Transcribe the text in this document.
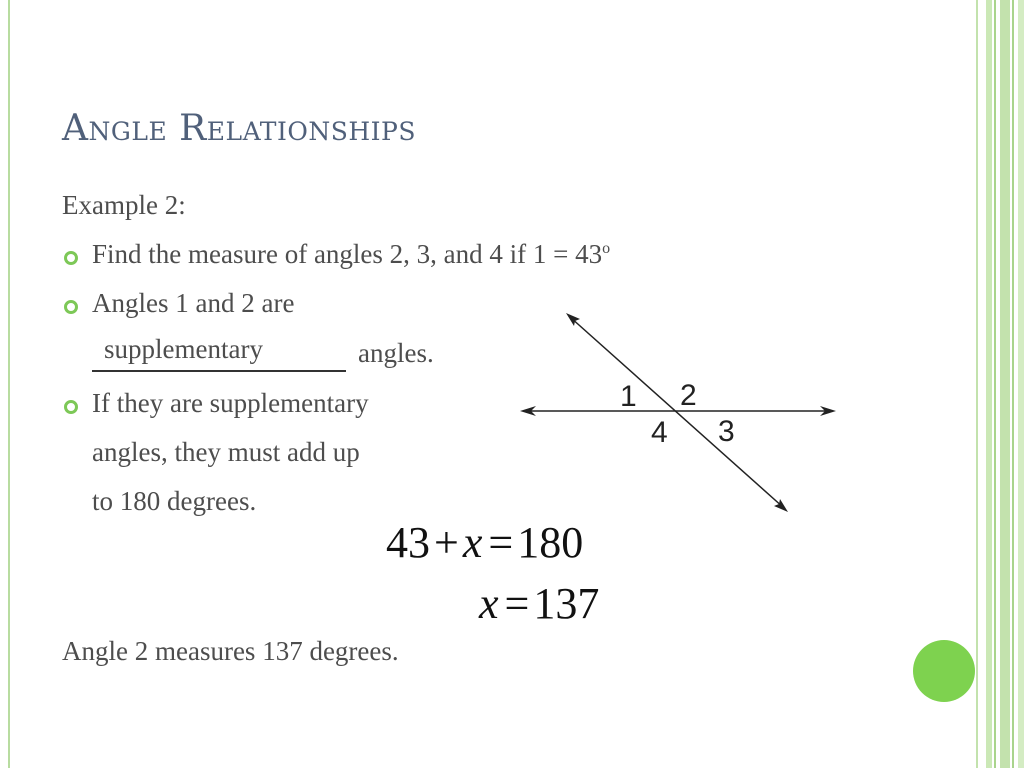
Angle Relationships
Example 2:
Find the measure of angles 2, 3, and 4 if $1 = 43^o$
Angles 1 and 2 are
supplementary	angles.
If they are supplementary
angles, they must add up
to 180 degrees.
1 2
3
4
43+x =180
x =137
Angle 2 measures 137 degrees.
